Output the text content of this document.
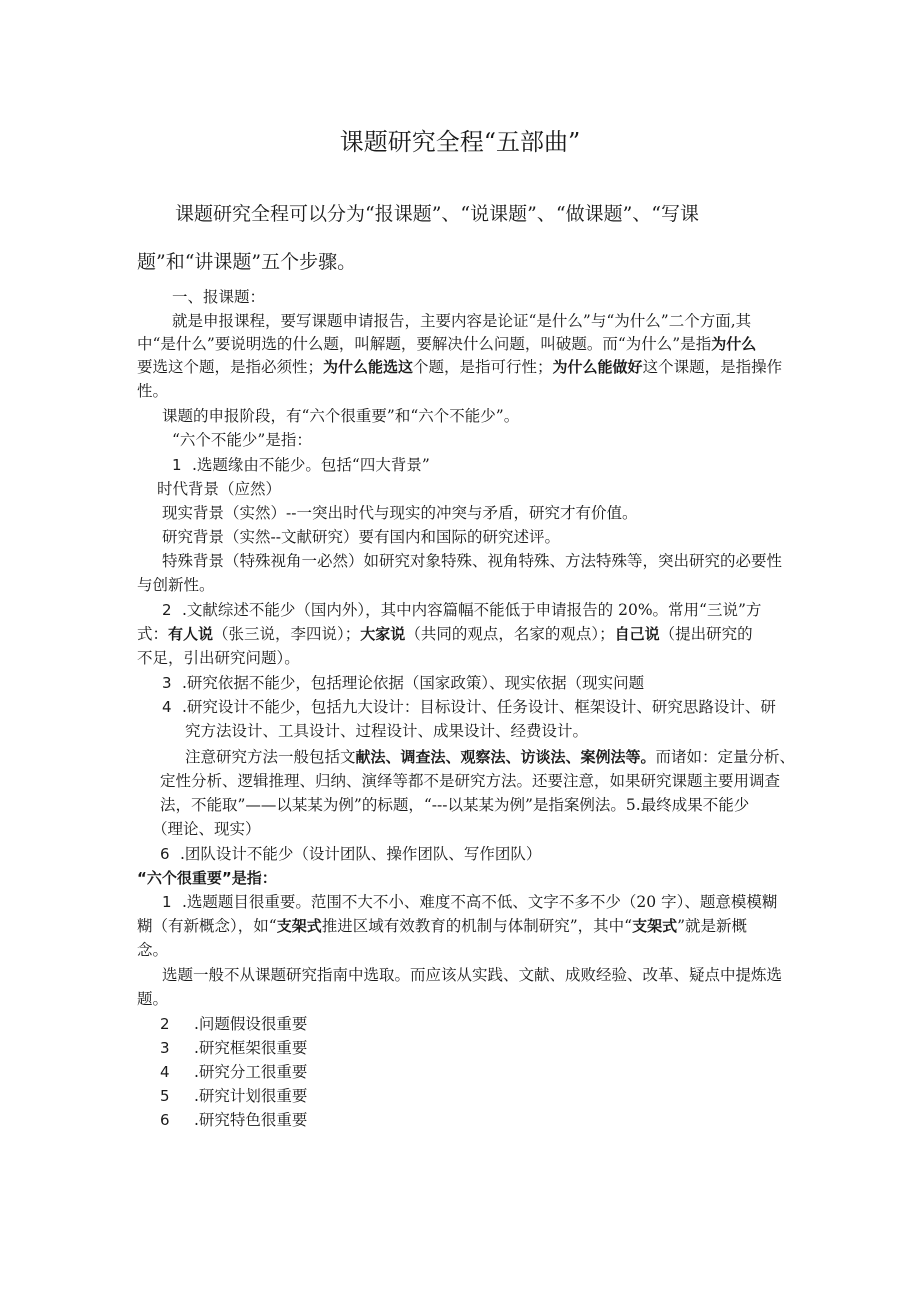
课题研究全程“五部曲”
课题研究全程可以分为“报课题”、“说课题”、“做课题”、“写课
题”和“讲课题”五个步骤。
一、报课题：
就是申报课程，要写课题申请报告，主要内容是论证“是什么”与“为什么”二个方面,其
中“是什么”要说明选的什么题，叫解题，要解决什么问题，叫破题。而“为什么”是指为什么
要选这个题，是指必须性；为什么能选这个题，是指可行性；为什么能做好这个课题，是指操作
性。
课题的申报阶段，有“六个很重要”和“六个不能少”。
“六个不能少”是指：
1 .选题缘由不能少。包括“四大背景”
时代背景（应然）
现实背景（实然）--一突出时代与现实的冲突与矛盾，研究才有价值。
研究背景（实然--文献研究）要有国内和国际的研究述评。
特殊背景（特殊视角一必然）如研究对象特殊、视角特殊、方法特殊等，突出研究的必要性
与创新性。
2 .文献综述不能少（国内外），其中内容篇幅不能低于申请报告的 20%。常用“三说”方
式：有人说（张三说，李四说）；大家说（共同的观点，名家的观点）；自己说（提出研究的
不足，引出研究问题）。
3 .研究依据不能少，包括理论依据（国家政策）、现实依据（现实问题
4 .研究设计不能少，包括九大设计：目标设计、任务设计、框架设计、研究思路设计、研
究方法设计、工具设计、过程设计、成果设计、经费设计。
注意研究方法一般包括文献法、调查法、观察法、访谈法、案例法等。而诸如：定量分析、
定性分析、逻辑推理、归纳、演绎等都不是研究方法。还要注意，如果研究课题主要用调查
法，不能取”——以某某为例”的标题，“---以某某为例”是指案例法。5.最终成果不能少
（理论、现实）
6 .团队设计不能少（设计团队、操作团队、写作团队）
“六个很重要”是指：
1 .选题题目很重要。范围不大不小、难度不高不低、文字不多不少（20 字）、题意模模糊
糊（有新概念），如“支架式推进区域有效教育的机制与体制研究”，其中“支架式”就是新概
念。
选题一般不从课题研究指南中选取。而应该从实践、文献、成败经验、改革、疑点中提炼选
题。
2 .问题假设很重要
3 .研究框架很重要
4 .研究分工很重要
5 .研究计划很重要
6 .研究特色很重要
